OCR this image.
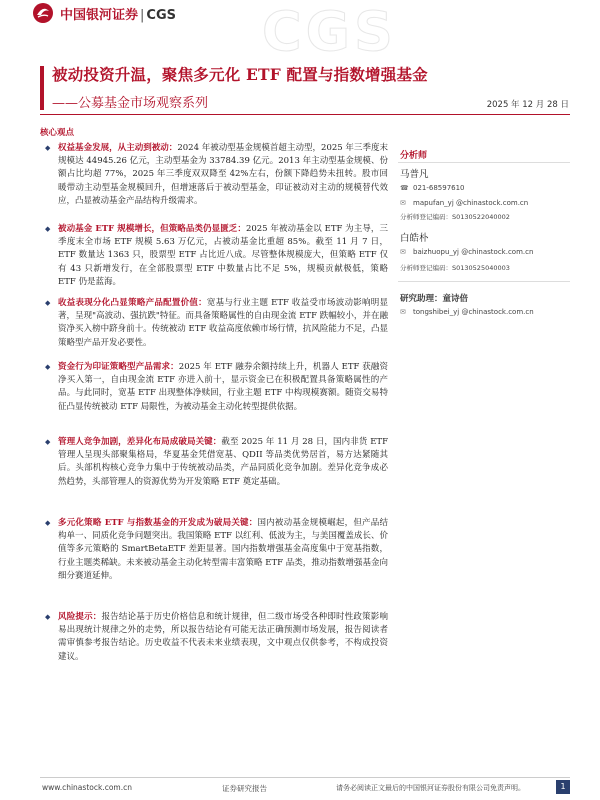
中国银河证券 | CGS CGS
被动投资升温，聚焦多元化 ETF 配置与指数增强基金
——公募基金市场观察系列	2025 年 12 月 28 日
核心观点
◆ 权益基金发展，从主动到被动：2024 年被动型基金规模首超主动型，2025 年三季度末规模达 44945.26 亿元，主动型基金为 33784.39 亿元。2013 年主动型基金规模、份额占比均超 77%，2025 年三季度双双降至 42%左右，份额下降趋势未扭转。股市回暖带动主动型基金规模回升，但增速落后于被动型基金，印证被动对主动的规模替代效应，凸显被动基金产品结构升级需求。
◆ 被动基金 ETF 规模增长，但策略品类仍显匮乏：2025 年被动基金以 ETF 为主导，三季度末全市场 ETF 规模 5.63 万亿元，占被动基金比重超 85%。截至 11 月 7 日，ETF 数量达 1363 只，股票型 ETF 占比近八成。尽管整体规模庞大，但策略 ETF 仅有 43 只新增发行，在全部股票型 ETF 中数量占比不足 5%，规模贡献极低，策略 ETF 仍是蓝海。
◆ 收益表现分化凸显策略产品配置价值：宽基与行业主题 ETF 收益受市场波动影响明显著，呈现"高波动、强抗跌"特征。而具备策略属性的自由现金流 ETF 跌幅较小，并在融资净买入榜中跻身前十。传统被动 ETF 收益高度依赖市场行情，抗风险能力不足，凸显策略型产品开发必要性。
◆ 资金行为印证策略型产品需求：2025 年 ETF 融券余额持续上升，机器人 ETF 获融资净买入第一，自由现金流 ETF 亦进入前十，显示资金已在积极配置具备策略属性的产品。与此同时，宽基 ETF 出现整体净赎回，行业主题 ETF 中构现模赛额。随资交易特征凸显传统被动 ETF 局限性，为被动基金主动化转型提供依据。
◆ 管理人竞争加剧，差异化布局成破局关键：截至 2025 年 11 月 28 日，国内非货 ETF 管理人呈现头部聚集格局，华夏基金凭借宽基、QDII 等品类优势居首，易方达紧随其后。头部机构核心竞争力集中于传统被动品类，产品同质化竞争加剧。差异化竞争成必然趋势，头部管理人的资源优势为开发策略 ETF 奠定基础。
◆ 多元化策略 ETF 与指数基金的开发成为破局关键：国内被动基金规模崛起，但产品结构单一、同质化竞争问题突出。我国策略 ETF 以红利、低波为主，与美国覆盖成长、价值等多元策略的 SmartBetaETF 差距显著。国内指数增强基金高度集中于宽基指数，行业主题类稀缺。未来被动基金主动化转型需丰富策略 ETF 品类，推动指数增强基金向细分赛道延伸。
◆ 风险提示：报告结论基于历史价格信息和统计规律，但二级市场受各种即时性政策影响易出现统计规律之外的走势，所以报告结论有可能无法正确预测市场发展，报告阅读者需审慎参考报告结论。历史收益不代表未来业绩表现，文中观点仅供参考，不构成投资建议。
分析师
马普凡
☎ 021-68597610
✉ mapufan_yj @chinastock.com.cn
分析师登记编码：S0130522040002
白皓朴
✉ baizhuopu_yj @chinastock.com.cn
分析师登记编码：S0130525040003
研究助理：童诗倍
✉ tongshibei_yj @chinastock.com.cn
www.chinastock.com.cn	证券研究报告	请务必阅读正文最后的中国银河证券股份有限公司免责声明。	1
